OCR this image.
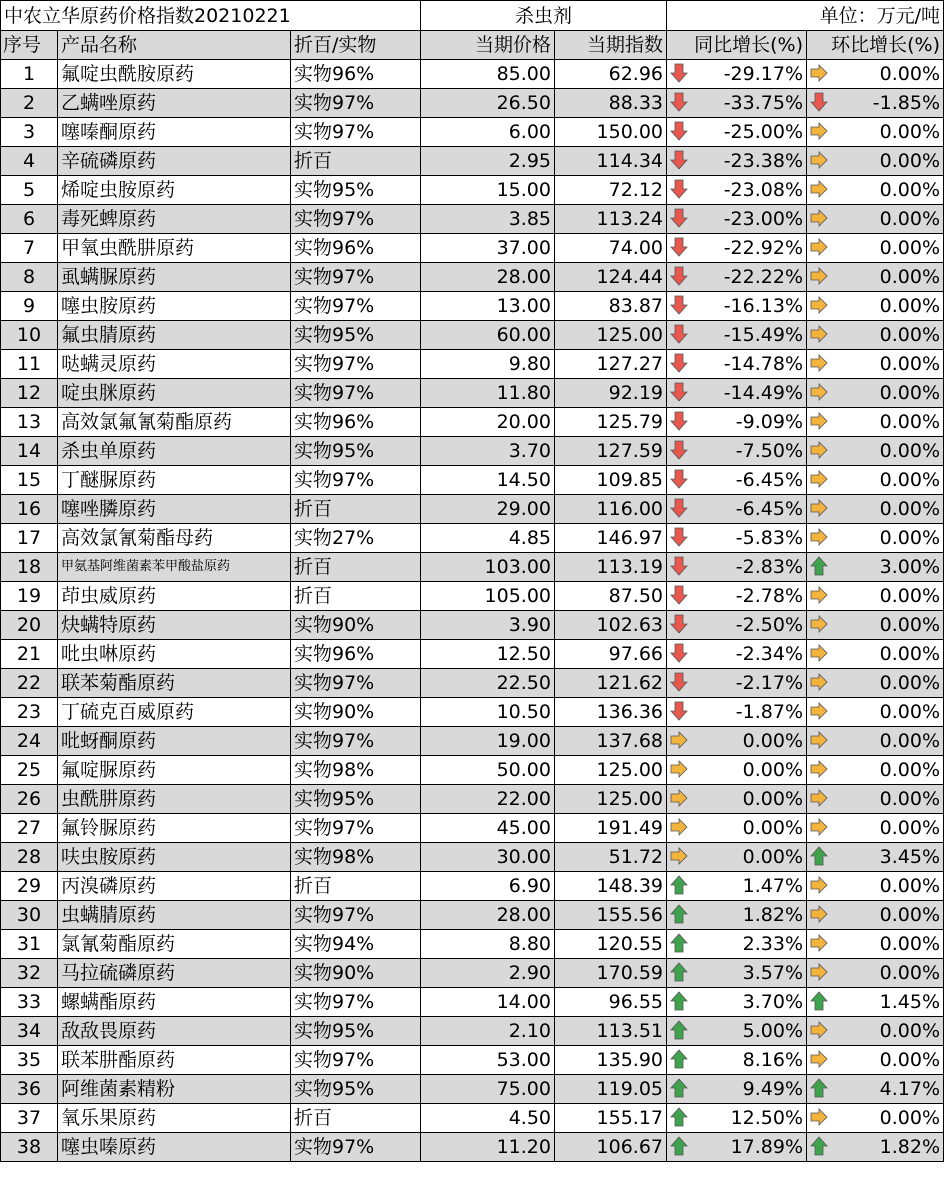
中农立华原药价格指数20210221			杀虫剂		单位：万元/吨	
序号	产品名称	折百/实物	当期价格	当期指数	同比增长(%)	环比增长(%)
1	氟啶虫酰胺原药	实物96%	85.00	62.96	-29.17%	0.00%

2	乙螨唑原药	实物97%	26.50	88.33	-33.75%	-1.85%

3	噻嗪酮原药	实物97%	6.00	150.00	-25.00%	0.00%

4	辛硫磷原药	折百	2.95	114.34	-23.38%	0.00%

5	烯啶虫胺原药	实物95%	15.00	72.12	-23.08%	0.00%

6	毒死蜱原药	实物97%	3.85	113.24	-23.00%	0.00%

7	甲氧虫酰肼原药	实物96%	37.00	74.00	-22.92%	0.00%

8	虱螨脲原药	实物97%	28.00	124.44	-22.22%	0.00%

9	噻虫胺原药	实物97%	13.00	83.87	-16.13%	0.00%

10	氟虫腈原药	实物95%	60.00	125.00	-15.49%	0.00%

11	哒螨灵原药	实物97%	9.80	127.27	-14.78%	0.00%

12	啶虫脒原药	实物97%	11.80	92.19	-14.49%	0.00%

13	高效氯氟氰菊酯原药	实物96%	20.00	125.79	-9.09%	0.00%

14	杀虫单原药	实物95%	3.70	127.59	-7.50%	0.00%

15	丁醚脲原药	实物97%	14.50	109.85	-6.45%	0.00%

16	噻唑膦原药	折百	29.00	116.00	-6.45%	0.00%

17	高效氯氰菊酯母药	实物27%	4.85	146.97	-5.83%	0.00%

18	甲氨基阿维菌素苯甲酸盐原药	折百	103.00	113.19	-2.83%	3.00%

19	茚虫威原药	折百	105.00	87.50	-2.78%	0.00%

20	炔螨特原药	实物90%	3.90	102.63	-2.50%	0.00%

21	吡虫啉原药	实物96%	12.50	97.66	-2.34%	0.00%

22	联苯菊酯原药	实物97%	22.50	121.62	-2.17%	0.00%

23	丁硫克百威原药	实物90%	10.50	136.36	-1.87%	0.00%

24	吡蚜酮原药	实物97%	19.00	137.68	0.00%	0.00%

25	氟啶脲原药	实物98%	50.00	125.00	0.00%	0.00%

26	虫酰肼原药	实物95%	22.00	125.00	0.00%	0.00%

27	氟铃脲原药	实物97%	45.00	191.49	0.00%	0.00%

28	呋虫胺原药	实物98%	30.00	51.72	0.00%	3.45%

29	丙溴磷原药	折百	6.90	148.39	1.47%	0.00%

30	虫螨腈原药	实物97%	28.00	155.56	1.82%	0.00%

31	氯氰菊酯原药	实物94%	8.80	120.55	2.33%	0.00%

32	马拉硫磷原药	实物90%	2.90	170.59	3.57%	0.00%

33	螺螨酯原药	实物97%	14.00	96.55	3.70%	1.45%

34	敌敌畏原药	实物95%	2.10	113.51	5.00%	0.00%

35	联苯肼酯原药	实物97%	53.00	135.90	8.16%	0.00%

36	阿维菌素精粉	实物95%	75.00	119.05	9.49%	4.17%

37	氧乐果原药	折百	4.50	155.17	12.50%	0.00%

38	噻虫嗪原药	实物97%	11.20	106.67	17.89%	1.82%
